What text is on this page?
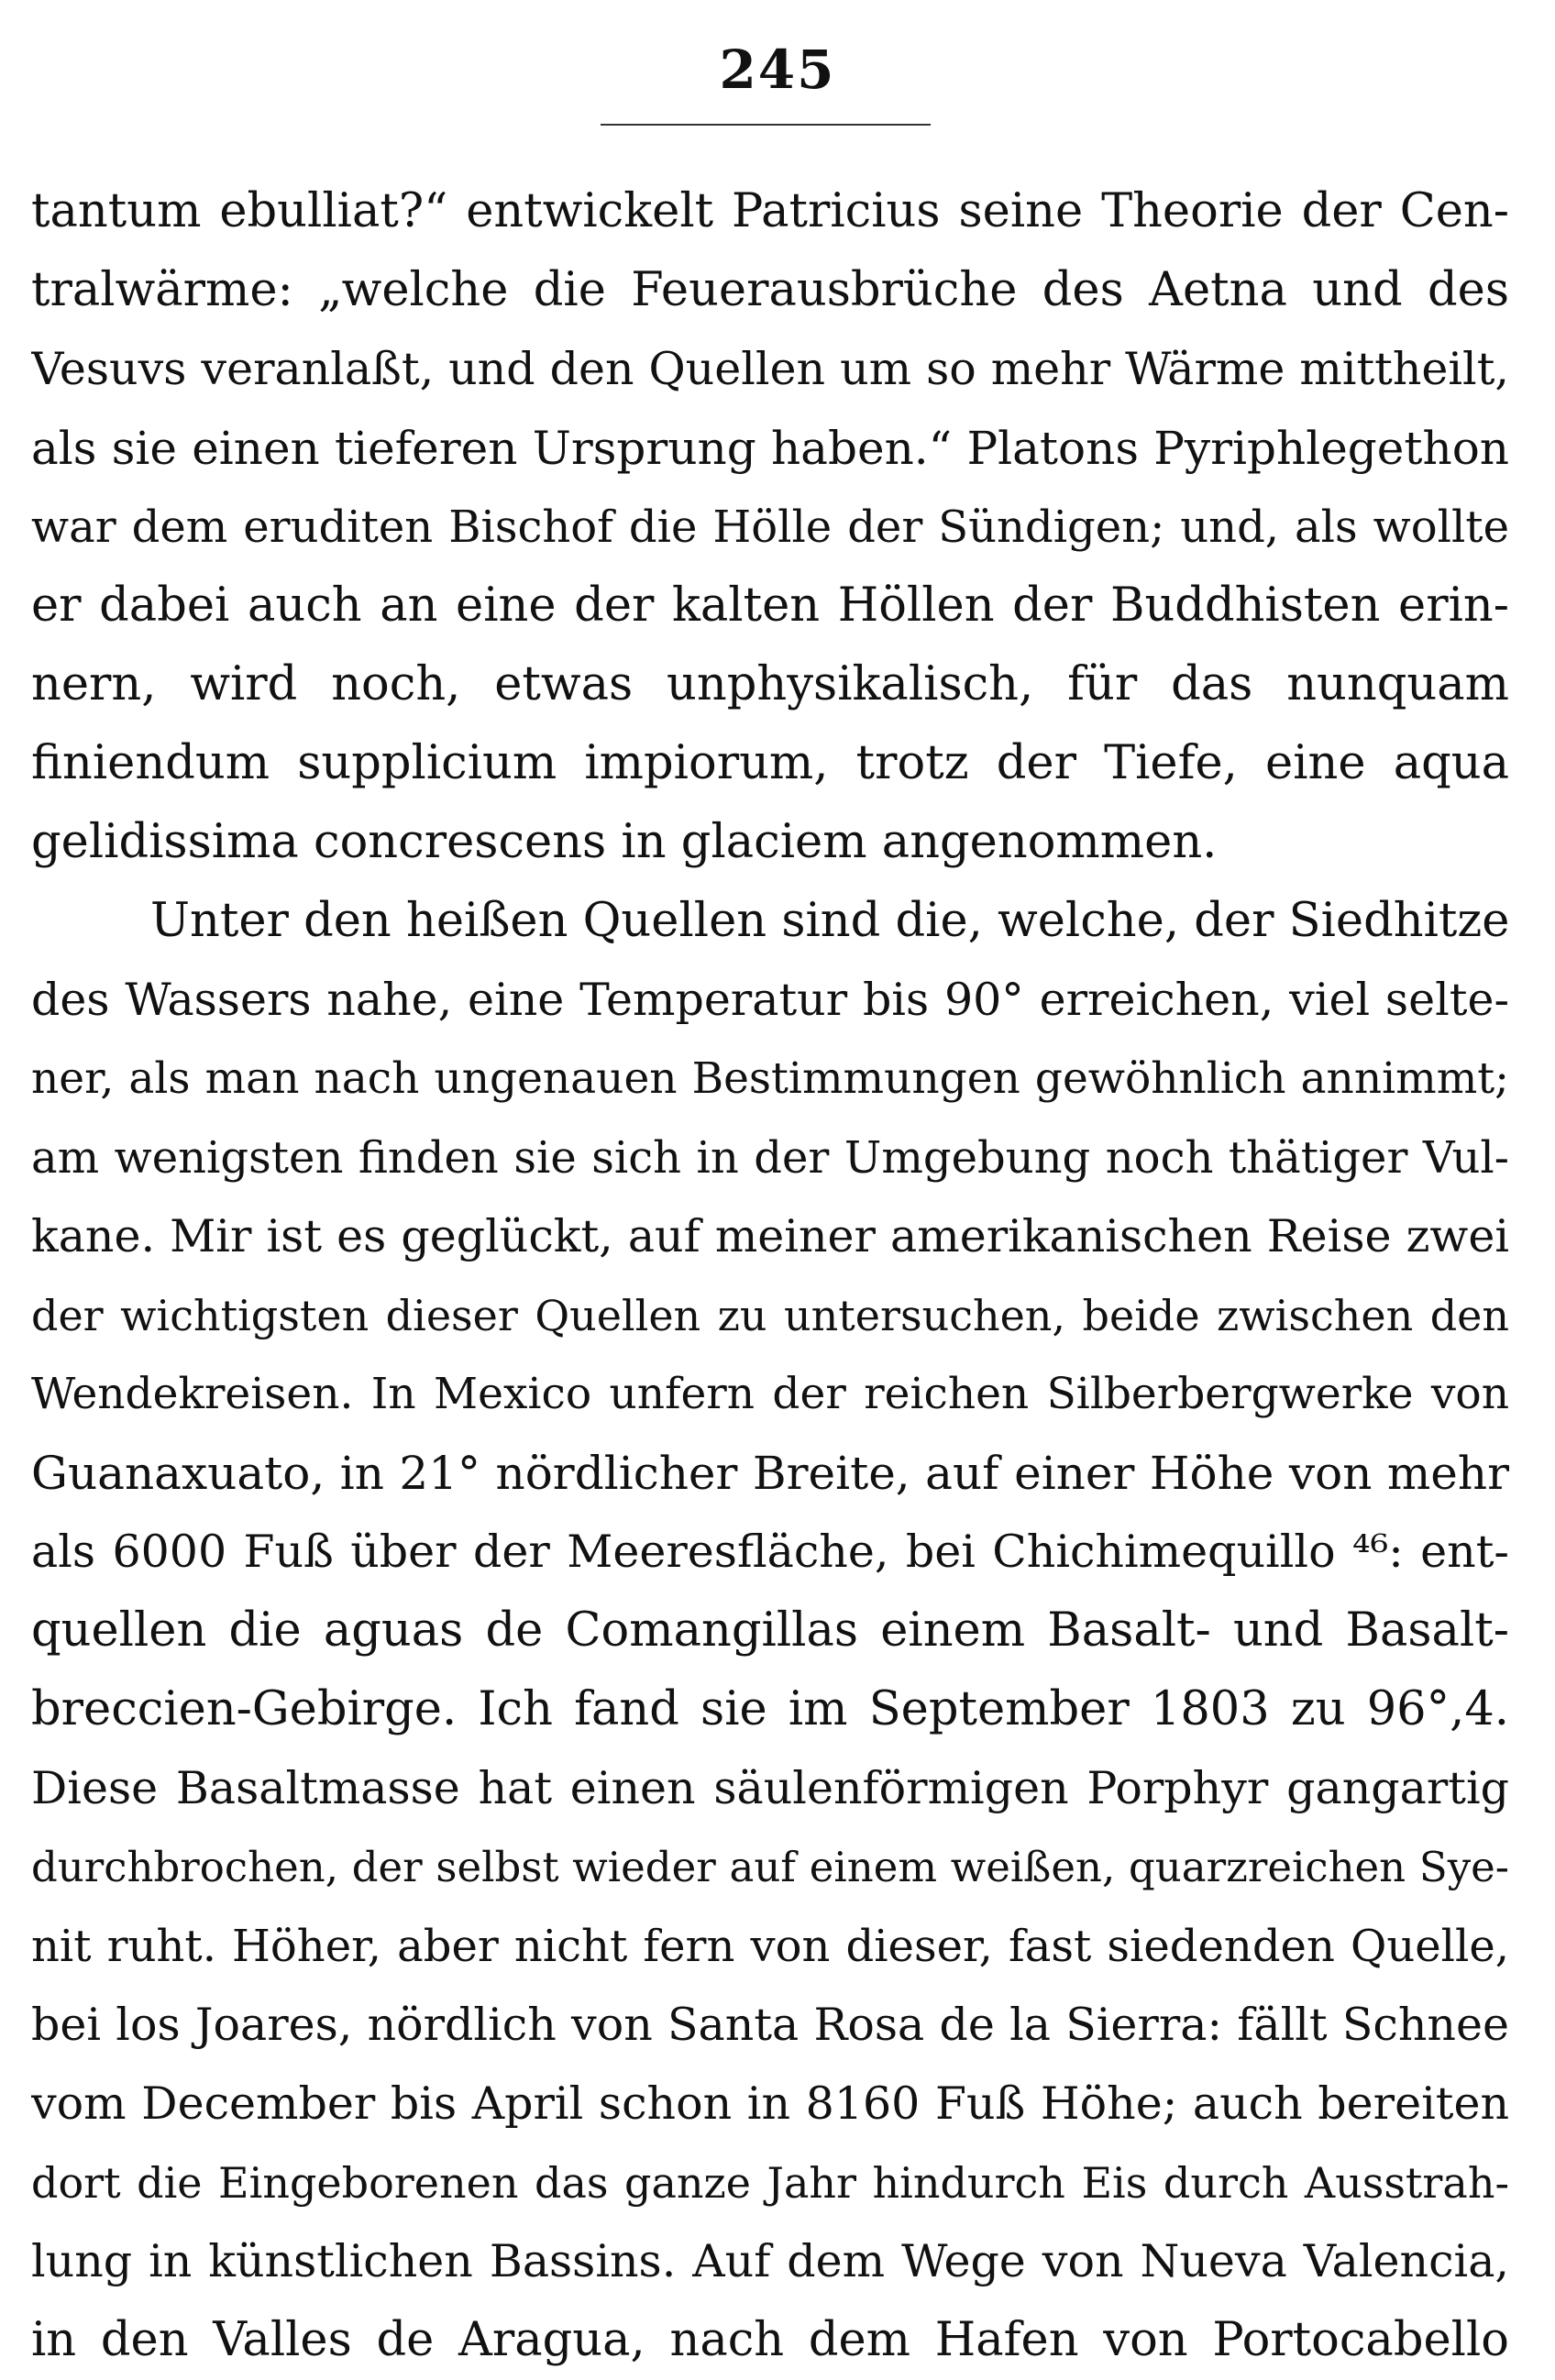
245
tantum ebulliat?“ entwickelt Patricius seine Theorie der Cen-
tralwärme: „welche die Feuerausbrüche des Aetna und des
Vesuvs veranlaßt, und den Quellen um so mehr Wärme mittheilt,
als sie einen tieferen Ursprung haben.“ Platons Pyriphlegethon
war dem eruditen Bischof die Hölle der Sündigen; und, als wollte
er dabei auch an eine der kalten Höllen der Buddhisten erin-
nern, wird noch, etwas unphysikalisch, für das nunquam
finiendum supplicium impiorum, trotz der Tiefe, eine aqua
gelidissima concrescens in glaciem angenommen.
Unter den heißen Quellen sind die, welche, der Siedhitze
des Wassers nahe, eine Temperatur bis 90° erreichen, viel selte-
ner, als man nach ungenauen Bestimmungen gewöhnlich annimmt;
am wenigsten finden sie sich in der Umgebung noch thätiger Vul-
kane. Mir ist es geglückt, auf meiner amerikanischen Reise zwei
der wichtigsten dieser Quellen zu untersuchen, beide zwischen den
Wendekreisen. In Mexico unfern der reichen Silberbergwerke von
Guanaxuato, in 21° nördlicher Breite, auf einer Höhe von mehr
als 6000 Fuß über der Meeresfläche, bei Chichimequillo ⁴⁶: ent-
quellen die aguas de Comangillas einem Basalt- und Basalt-
breccien-Gebirge. Ich fand sie im September 1803 zu 96°,4.
Diese Basaltmasse hat einen säulenförmigen Porphyr gangartig
durchbrochen, der selbst wieder auf einem weißen, quarzreichen Sye-
nit ruht. Höher, aber nicht fern von dieser, fast siedenden Quelle,
bei los Joares, nördlich von Santa Rosa de la Sierra: fällt Schnee
vom December bis April schon in 8160 Fuß Höhe; auch bereiten
dort die Eingeborenen das ganze Jahr hindurch Eis durch Ausstrah-
lung in künstlichen Bassins. Auf dem Wege von Nueva Valencia,
in den Valles de Aragua, nach dem Hafen von Portocabello
